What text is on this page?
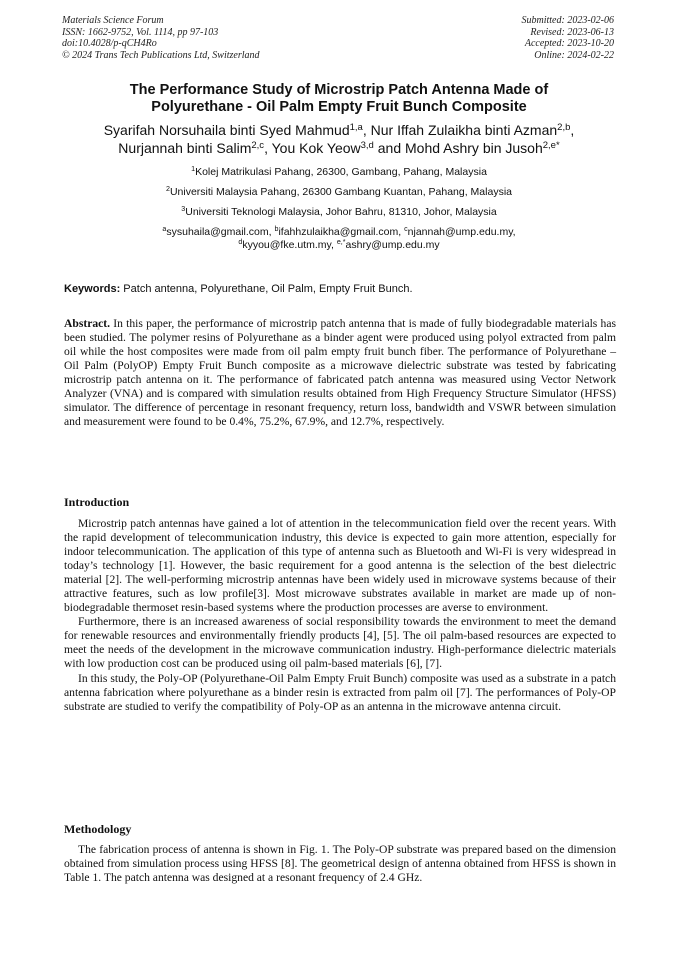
Materials Science Forum
ISSN: 1662-9752, Vol. 1114, pp 97-103
doi:10.4028/p-qCH4Ro
© 2024 Trans Tech Publications Ltd, Switzerland
Submitted: 2023-02-06
Revised: 2023-06-13
Accepted: 2023-10-20
Online: 2024-02-22
The Performance Study of Microstrip Patch Antenna Made of
Polyurethane - Oil Palm Empty Fruit Bunch Composite
Syarifah Norsuhaila binti Syed Mahmud$^{1,a}$, Nur Iffah Zulaikha binti Azman$^{2,b}$,
Nurjannah binti Salim$^{2,c}$, You Kok Yeow$^{3,d}$ and Mohd Ashry bin Jusoh$^{2,e*}$
$^1$Kolej Matrikulasi Pahang, 26300, Gambang, Pahang, Malaysia
$^2$Universiti Malaysia Pahang, 26300 Gambang Kuantan, Pahang, Malaysia
$^3$Universiti Teknologi Malaysia, Johor Bahru, 81310, Johor, Malaysia
$^a$sysuhaila@gmail.com, $^b$ifahhzulaikha@gmail.com, $^c$njannah@ump.edu.my,
$^d$kyyou@fke.utm.my, $^{e,*}$ashry@ump.edu.my
Keywords: Patch antenna, Polyurethane, Oil Palm, Empty Fruit Bunch.
Abstract. In this paper, the performance of microstrip patch antenna that is made of fully biodegradable materials has been studied. The polymer resins of Polyurethane as a binder agent were produced using polyol extracted from palm oil while the host composites were made from oil palm empty fruit bunch fiber. The performance of Polyurethane – Oil Palm (PolyOP) Empty Fruit Bunch composite as a microwave dielectric substrate was tested by fabricating microstrip patch antenna on it. The performance of fabricated patch antenna was measured using Vector Network Analyzer (VNA) and is compared with simulation results obtained from High Frequency Structure Simulator (HFSS) simulator. The difference of percentage in resonant frequency, return loss, bandwidth and VSWR between simulation and measurement were found to be 0.4%, 75.2%, 67.9%, and 12.7%, respectively.
Introduction

Microstrip patch antennas have gained a lot of attention in the telecommunication field over the recent years. With the rapid development of telecommunication industry, this device is expected to gain more attention, especially for indoor telecommunication. The application of this type of antenna such as Bluetooth and Wi-Fi is very widespread in today’s technology [1]. However, the basic requirement for a good antenna is the selection of the best dielectric material [2]. The well-performing microstrip antennas have been widely used in microwave systems because of their attractive features, such as low profile[3]. Most microwave substrates available in market are made up of non-biodegradable thermoset resin-based systems where the production processes are averse to environment.

Furthermore, there is an increased awareness of social responsibility towards the environment to meet the demand for renewable resources and environmentally friendly products [4], [5]. The oil palm-based resources are expected to meet the needs of the development in the microwave communication industry. High-performance dielectric materials with low production cost can be produced using oil palm-based materials [6], [7].

In this study, the Poly-OP (Polyurethane-Oil Palm Empty Fruit Bunch) composite was used as a substrate in a patch antenna fabrication where polyurethane as a binder resin is extracted from palm oil [7]. The performances of Poly-OP substrate are studied to verify the compatibility of Poly-OP as an antenna in the microwave antenna circuit.

Methodology

The fabrication process of antenna is shown in Fig. 1. The Poly-OP substrate was prepared based on the dimension obtained from simulation process using HFSS [8]. The geometrical design of antenna obtained from HFSS is shown in Table 1. The patch antenna was designed at a resonant frequency of 2.4 GHz.
